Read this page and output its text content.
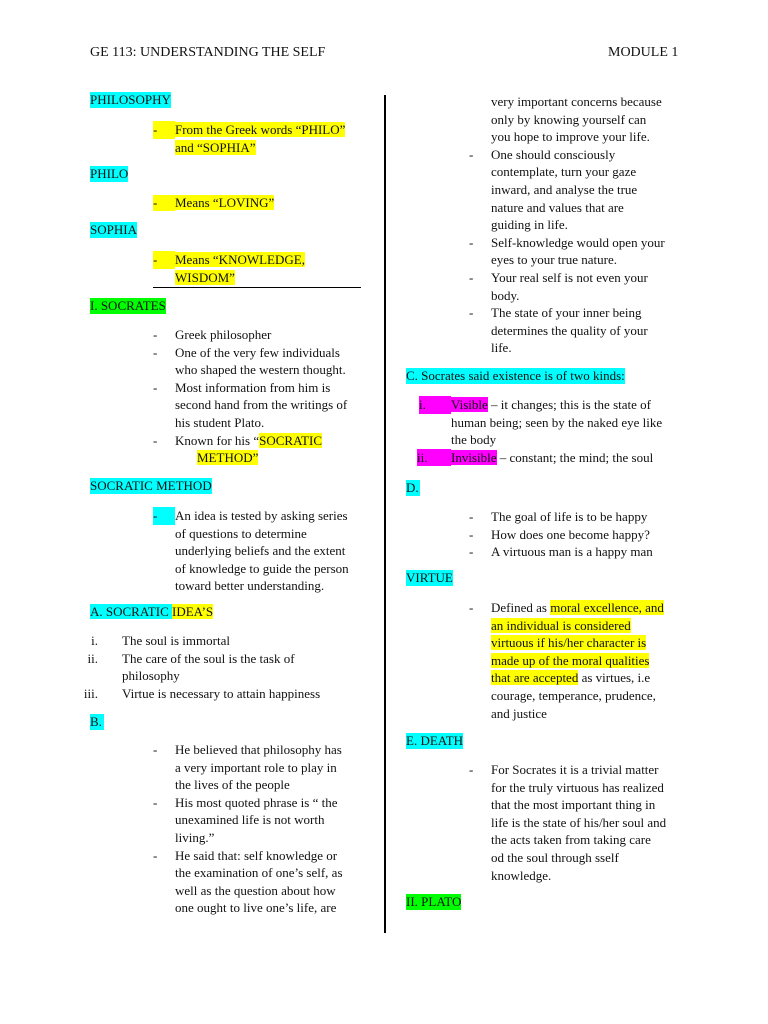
GE 113: UNDERSTANDING THE SELF	MODULE 1
PHILOSOPHY
- From the Greek words “PHILO”
and “SOPHIA”
PHILO
- Means “LOVING”
SOPHIA
- Means “KNOWLEDGE,
WISDOM”
I. SOCRATES
- Greek philosopher
- One of the very few individuals
who shaped the western thought.
- Most information from him is
second hand from the writings of
his student Plato.
- Known for his “SOCRATIC
METHOD”
SOCRATIC METHOD
- An idea is tested by asking series
of questions to determine
underlying beliefs and the extent
of knowledge to guide the person
toward better understanding.
A. SOCRATIC IDEA’S
i. The soul is immortal
ii. The care of the soul is the task of
philosophy
iii. Virtue is necessary to attain happiness
B.
- He believed that philosophy has
a very important role to play in
the lives of the people
- His most quoted phrase is “ the
unexamined life is not worth
living.”
- He said that: self knowledge or
the examination of one’s self, as
well as the question about how
one ought to live one’s life, are
very important concerns because
only by knowing yourself can
you hope to improve your life.
- One should consciously
contemplate, turn your gaze
inward, and analyse the true
nature and values that are
guiding in life.
- Self-knowledge would open your
eyes to your true nature.
- Your real self is not even your
body.
- The state of your inner being
determines the quality of your
life.
C. Socrates said existence is of two kinds:
i.	Visible – it changes; this is the state of
human being; seen by the naked eye like
the body
ii.	Invisible – constant; the mind; the soul
D.
- The goal of life is to be happy
- How does one become happy?
- A virtuous man is a happy man
VIRTUE
- Defined as moral excellence, and
an individual is considered
virtuous if his/her character is
made up of the moral qualities
that are accepted as virtues, i.e
courage, temperance, prudence,
and justice
E. DEATH
- For Socrates it is a trivial matter
for the truly virtuous has realized
that the most important thing in
life is the state of his/her soul and
the acts taken from taking care
od the soul through sself
knowledge.
II. PLATO
